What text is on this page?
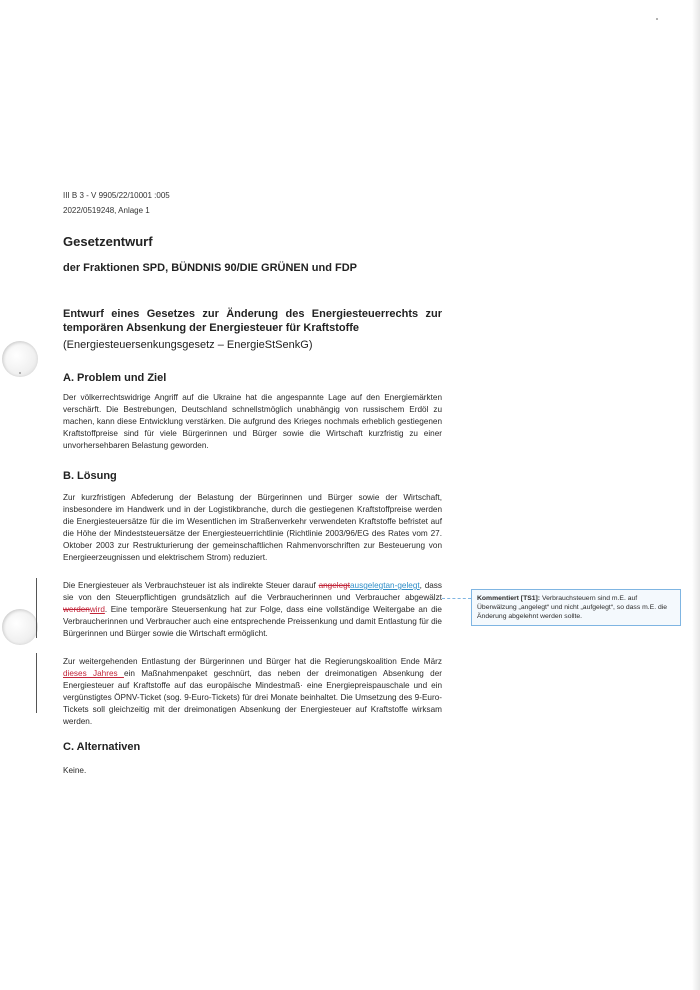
III B 3 - V 9905/22/10001 :005
2022/0519248, Anlage 1
Gesetzentwurf
der Fraktionen SPD, BÜNDNIS 90/DIE GRÜNEN und FDP
Entwurf eines Gesetzes zur Änderung des Energiesteuerrechts zur temporären Absenkung der Energiesteuer für Kraftstoffe
(Energiesteuersenkungsgesetz – EnergieStSenkG)
A. Problem und Ziel
Der völkerrechtswidrige Angriff auf die Ukraine hat die angespannte Lage auf den Energiemärkten verschärft. Die Bestrebungen, Deutschland schnellstmöglich unabhängig von russischem Erdöl zu machen, kann diese Entwicklung verstärken. Die aufgrund des Krieges nochmals erheblich gestiegenen Kraftstoffpreise sind für viele Bürgerinnen und Bürger sowie die Wirtschaft kurzfristig zu einer unvorhersehbaren Belastung geworden.
B. Lösung
Zur kurzfristigen Abfederung der Belastung der Bürgerinnen und Bürger sowie der Wirtschaft, insbesondere im Handwerk und in der Logistikbranche, durch die gestiegenen Kraftstoffpreise werden die Energiesteuersätze für die im Wesentlichen im Straßenverkehr verwendeten Kraftstoffe befristet auf die Höhe der Mindeststeuersätze der Energiesteuerrichtlinie (Richtlinie 2003/96/EG des Rates vom 27. Oktober 2003 zur Restrukturierung der gemeinschaftlichen Rahmenvorschriften zur Besteuerung von Energieerzeugnissen und elektrischem Strom) reduziert.
Die Energiesteuer als Verbrauchsteuer ist als indirekte Steuer darauf angelegtausgelegtan-gelegt, dass sie von den Steuerpflichtigen grundsätzlich auf die Verbraucherinnen und Verbraucher abgewälzt werdenwird. Eine temporäre Steuersenkung hat zur Folge, dass eine vollständige Weitergabe an die Verbraucherinnen und Verbraucher auch eine entsprechende Preissenkung und damit Entlastung für die Bürgerinnen und Bürger sowie die Wirtschaft ermöglicht.
Zur weitergehenden Entlastung der Bürgerinnen und Bürger hat die Regierungskoalition Ende März dieses Jahres ein Maßnahmenpaket geschnürt, das neben der dreimonatigen Absenkung der Energiesteuer auf Kraftstoffe auf das europäische Mindestmaß· eine Energiepreispauschale und ein vergünstigtes ÖPNV-Ticket (sog. 9-Euro-Tickets) für drei Monate beinhaltet. Die Umsetzung des 9-Euro-Tickets soll gleichzeitig mit der dreimonatigen Absenkung der Energiesteuer auf Kraftstoffe wirksam werden.
C. Alternativen
Keine.
Kommentiert [TS1]: Verbrauchsteuern sind m.E. auf Überwälzung „angelegt“ und nicht „aufgelegt“, so dass m.E. die Änderung abgelehnt werden sollte.
